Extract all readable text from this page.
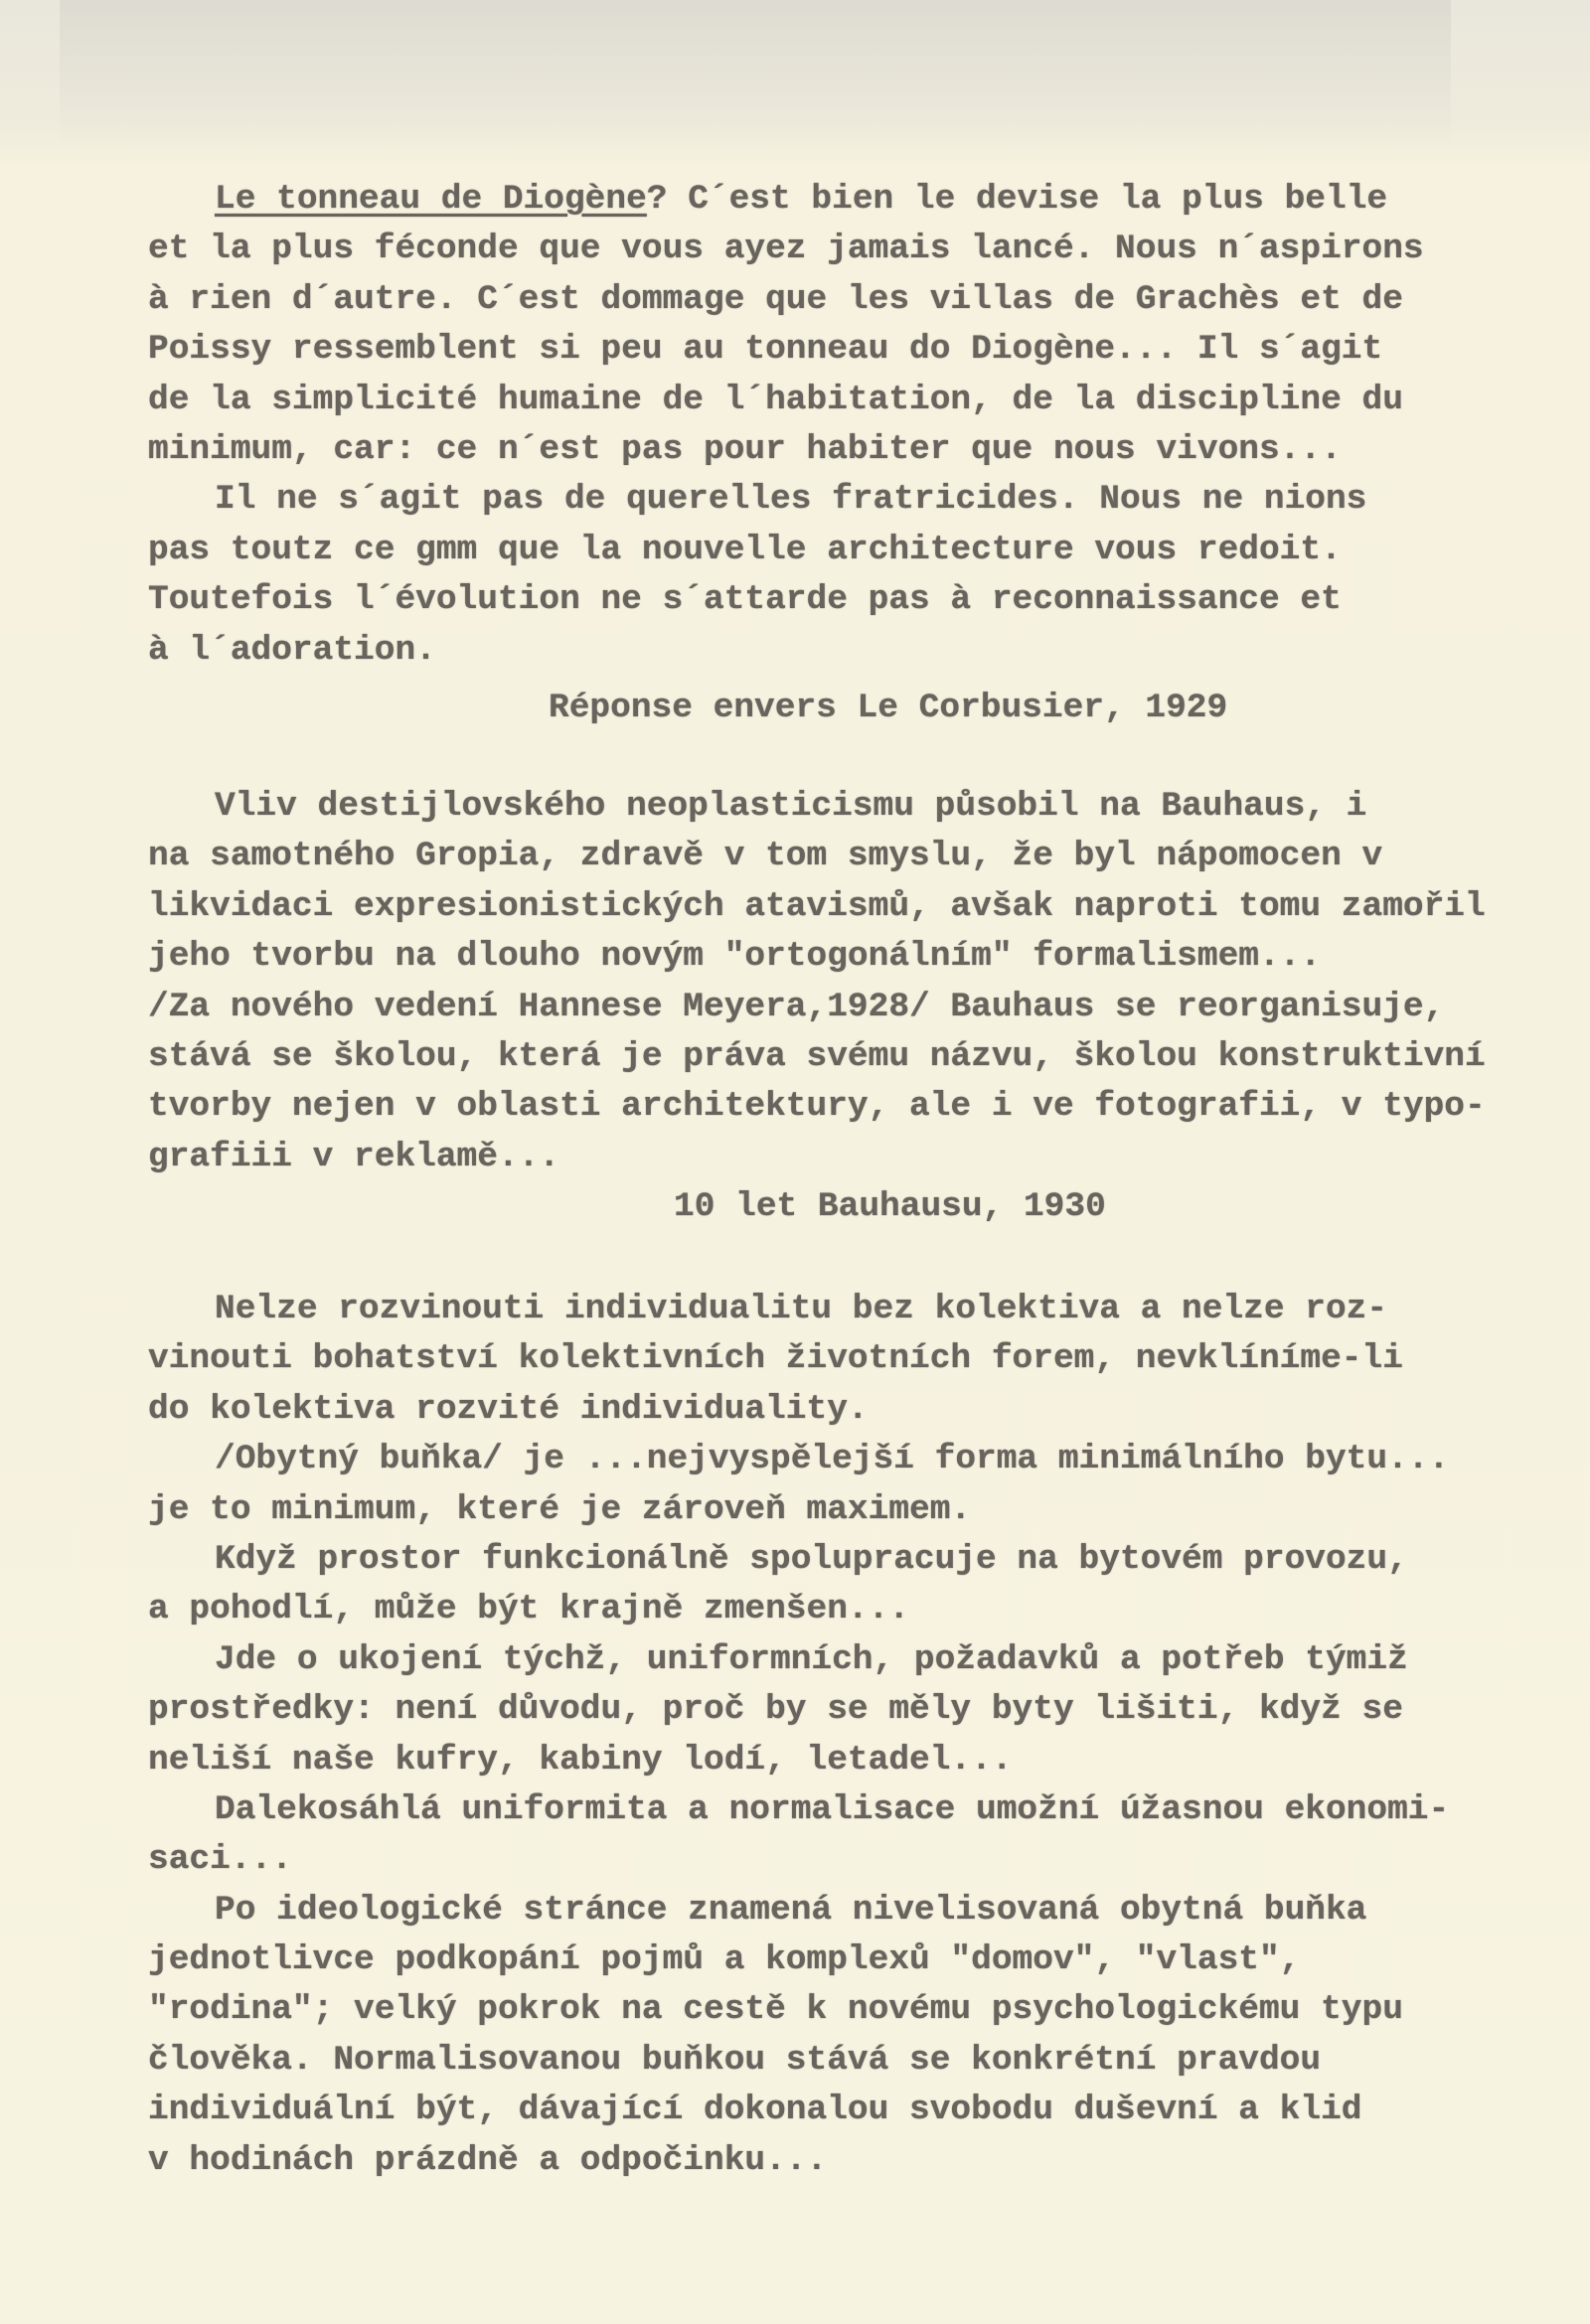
Le tonneau de Diogène? C´est bien le devise la plus belle
et la plus féconde que vous ayez jamais lancé. Nous n´aspirons
à rien d´autre. C´est dommage que les villas de Grachès et de
Poissy ressemblent si peu au tonneau do Diogène... Il s´agit
de la simplicité humaine de l´habitation, de la discipline du
minimum, car: ce n´est pas pour habiter que nous vivons...
Il ne s´agit pas de querelles fratricides. Nous ne nions
pas toutz ce gmm que la nouvelle architecture vous redoit.
Toutefois l´évolution ne s´attarde pas à reconnaissance et
à l´adoration.
Réponse envers Le Corbusier, 1929
Vliv destijlovského neoplasticismu působil na Bauhaus, i
na samotného Gropia, zdravě v tom smyslu, že byl nápomocen v
likvidaci expresionistických atavismů, avšak naproti tomu zamořil
jeho tvorbu na dlouho novým "ortogonálním" formalismem...
/Za nového vedení Hannese Meyera,1928/ Bauhaus se reorganisuje,
stává se školou, která je práva svému názvu, školou konstruktivní
tvorby nejen v oblasti architektury, ale i ve fotografii, v typo-
grafiii v reklamě...
10 let Bauhausu, 1930
Nelze rozvinouti individualitu bez kolektiva a nelze roz-
vinouti bohatství kolektivních životních forem, nevklíníme-li
do kolektiva rozvité individuality.
/Obytný buňka/ je ...nejvyspělejší forma minimálního bytu...
je to minimum, které je zároveň maximem.
Když prostor funkcionálně spolupracuje na bytovém provozu,
a pohodlí, může být krajně zmenšen...
Jde o ukojení týchž, uniformních, požadavků a potřeb týmiž
prostředky: není důvodu, proč by se měly byty lišiti, když se
neliší naše kufry, kabiny lodí, letadel...
Dalekosáhlá uniformita a normalisace umožní úžasnou ekonomi-
saci...
Po ideologické stránce znamená nivelisovaná obytná buňka
jednotlivce podkopání pojmů a komplexů "domov", "vlast",
"rodina"; velký pokrok na cestě k novému psychologickému typu
člověka. Normalisovanou buňkou stává se konkrétní pravdou
individuální být, dávající dokonalou svobodu duševní a klid
v hodinách prázdně a odpočinku...
